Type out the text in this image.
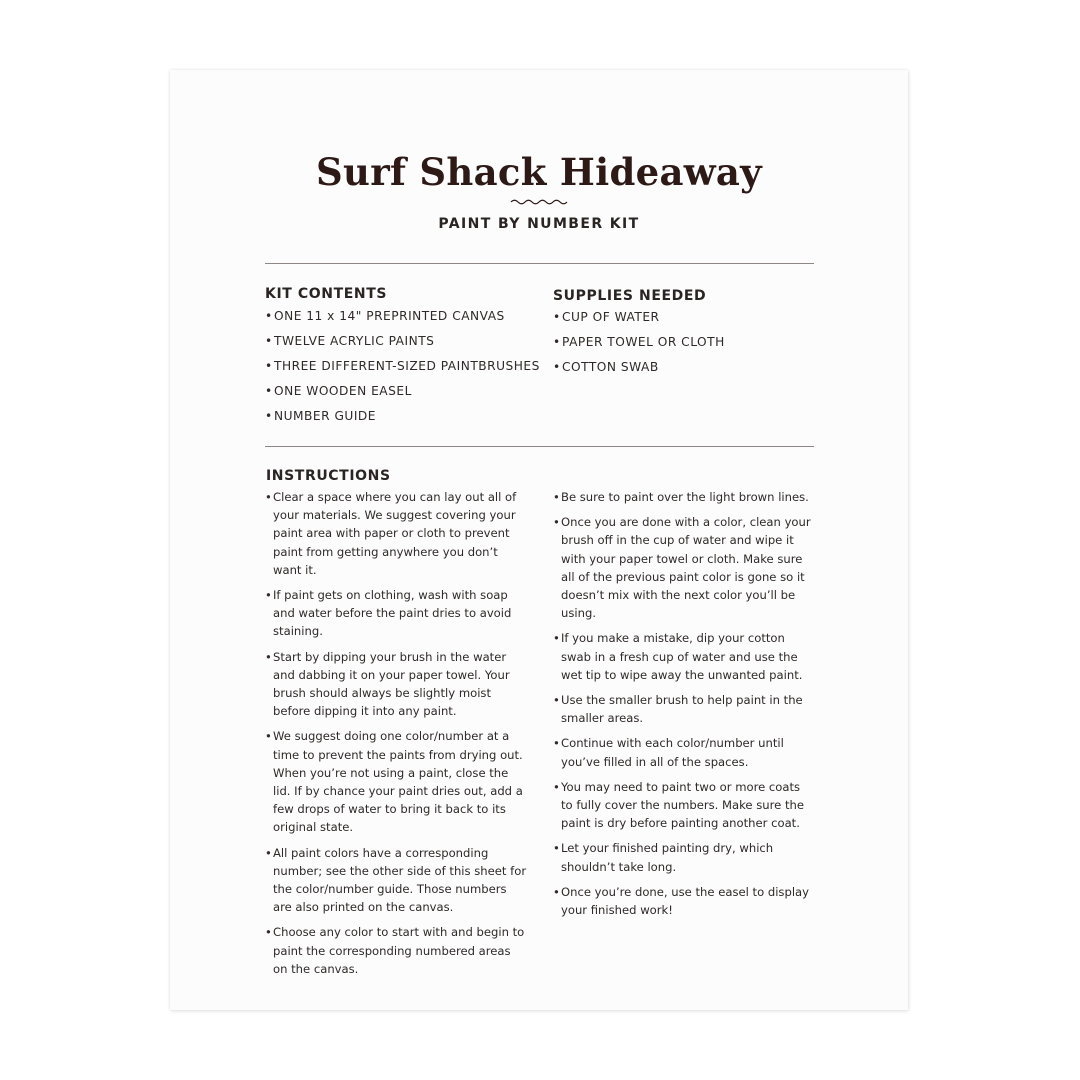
Surf Shack Hideaway
PAINT BY NUMBER KIT
KIT CONTENTS
•ONE 11 x 14" PREPRINTED CANVAS
•TWELVE ACRYLIC PAINTS
•THREE DIFFERENT-SIZED PAINTBRUSHES
•ONE WOODEN EASEL
•NUMBER GUIDE
SUPPLIES NEEDED
•CUP OF WATER
•PAPER TOWEL OR CLOTH
•COTTON SWAB
INSTRUCTIONS
• Clear a space where you can lay out all of your materials. We suggest covering your paint area with paper or cloth to prevent paint from getting anywhere you don’t want it.
• If paint gets on clothing, wash with soap and water before the paint dries to avoid staining.
• Start by dipping your brush in the water and dabbing it on your paper towel. Your brush should always be slightly moist before dipping it into any paint.
• We suggest doing one color/number at a time to prevent the paints from drying out. When you’re not using a paint, close the lid. If by chance your paint dries out, add a few drops of water to bring it back to its original state.
• All paint colors have a corresponding number; see the other side of this sheet for the color/number guide. Those numbers are also printed on the canvas.
• Choose any color to start with and begin to paint the corresponding numbered areas on the canvas.
• Be sure to paint over the light brown lines.
• Once you are done with a color, clean your brush off in the cup of water and wipe it with your paper towel or cloth. Make sure all of the previous paint color is gone so it doesn’t mix with the next color you’ll be using.
• If you make a mistake, dip your cotton swab in a fresh cup of water and use the wet tip to wipe away the unwanted paint.
• Use the smaller brush to help paint in the smaller areas.
• Continue with each color/number until you’ve filled in all of the spaces.
• You may need to paint two or more coats to fully cover the numbers. Make sure the paint is dry before painting another coat.
• Let your finished painting dry, which shouldn’t take long.
• Once you’re done, use the easel to display your finished work!
